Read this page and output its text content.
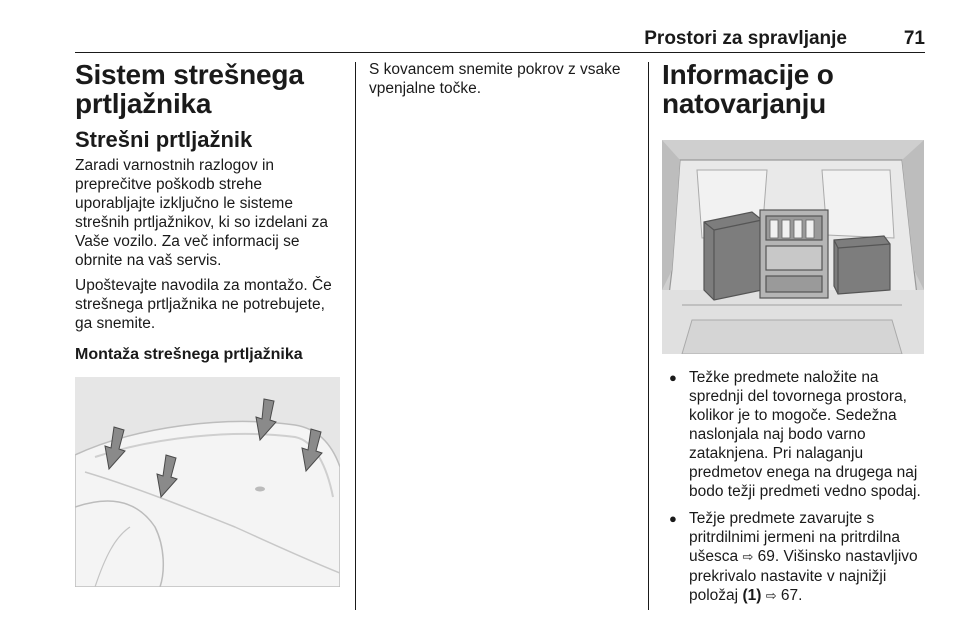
Prostori za spravljanje	71
Sistem strešnega prtljažnika
Strešni prtljažnik

Zaradi varnostnih razlogov in preprečitve poškodb strehe uporabljajte izključno le sisteme strešnih prtljažnikov, ki so izdelani za Vaše vozilo. Za več informacij se obrnite na vaš servis.

Upoštevajte navodila za montažo. Če strešnega prtljažnika ne potrebujete, ga snemite.

Montaža strešnega prtljažnika

S kovancem snemite pokrov z vsake vpenjalne točke.	Informacije o natovarjanju
● Težke predmete naložite na sprednji del tovornega prostora, kolikor je to mogoče. Sedežna naslonjala naj bodo varno zataknjena. Pri nalaganju predmetov enega na drugega naj bodo težji predmeti vedno spodaj.
● Težje predmete zavarujte s pritrdilnimi jermeni na pritrdilna ušesca ⇨ 69. Višinsko nastavljivo prekrivalo nastavite v najnižji položaj (1) ⇨ 67.
